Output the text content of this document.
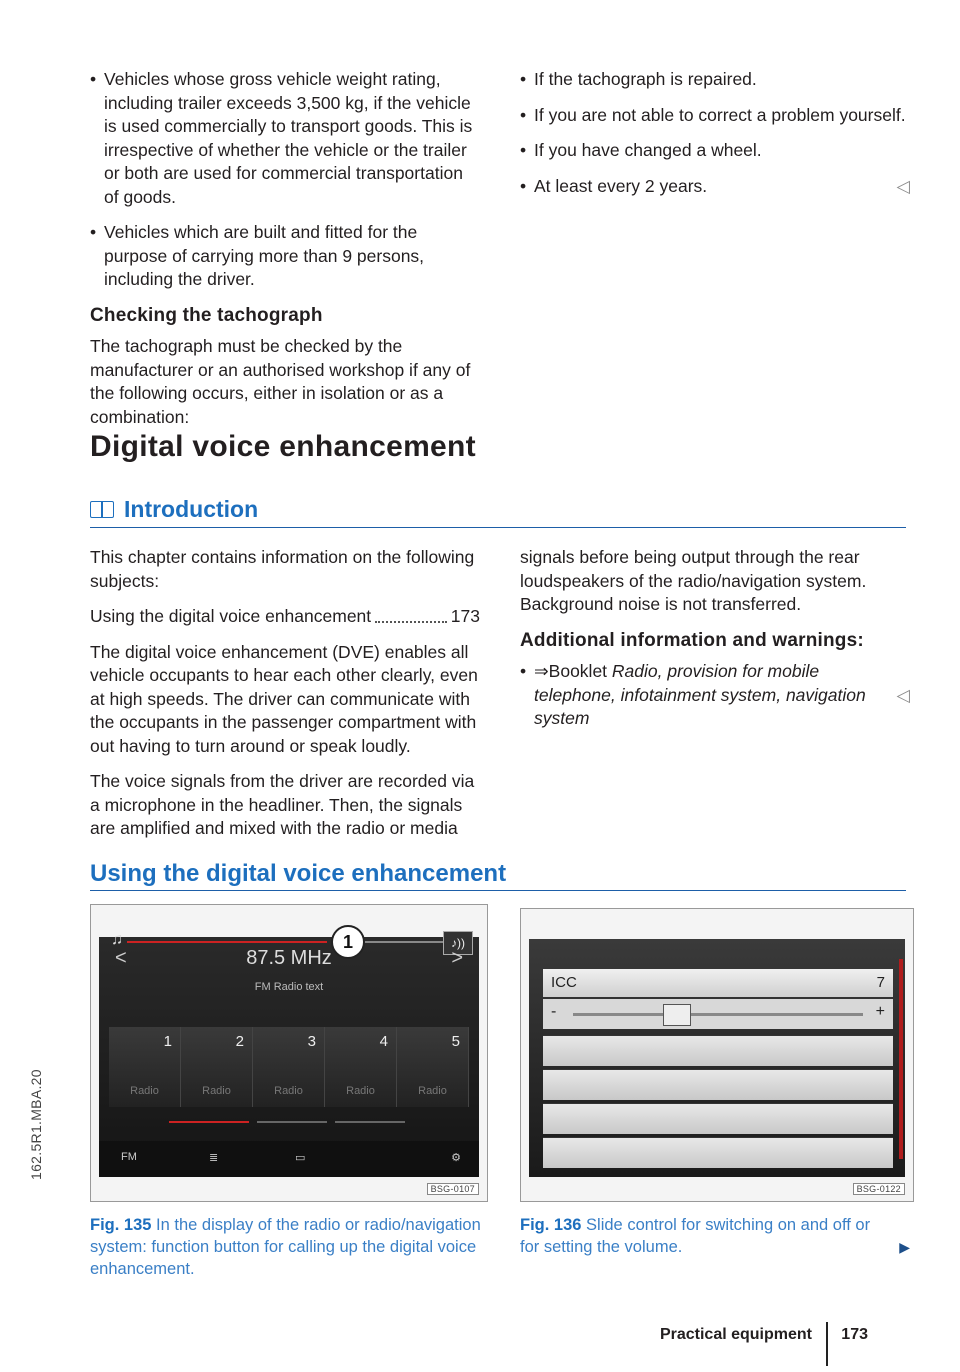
162.5R1.MBA.20
• Vehicles whose gross vehicle weight rating, including trailer exceeds 3,500 kg, if the vehicle is used commercially to transport goods. This is irrespective of whether the vehicle or the trailer or both are used for commercial transportation of goods.
• Vehicles which are built and fitted for the purpose of carrying more than 9 persons, including the driver.
Checking the tachograph

The tachograph must be checked by the manufacturer or an authorised workshop if any of the following occurs, either in isolation or as a combination:

• If the tachograph is repaired.
• If you are not able to correct a problem yourself.
• If you have changed a wheel.
• At least every 2 years.	◁
Digital voice enhancement
Introduction

This chapter contains information on the following subjects:

Using the digital voice enhancement	173

The digital voice enhancement (DVE) enables all vehicle occupants to hear each other clearly, even at high speeds. The driver can communicate with the occupants in the passenger compartment with out having to turn around or speak loudly.

The voice signals from the driver are recorded via a microphone in the headliner. Then, the signals are amplified and mixed with the radio or media

signals before being output through the rear loudspeakers of the radio/navigation system. Background noise is not transferred.

Additional information and warnings:
• ⇒Booklet Radio, provision for mobile telephone, infotainment system, navigation system
◁
Using the digital voice enhancement
♫	1	♪))
<	>
87.5 MHz
FM Radio text
1
Radio
2
Radio
3
Radio
4
Radio
5
Radio
FM	≣	▭	⚙
BSG-0107
ICC	7
-	+
BSG-0122
Fig. 135 In the display of the radio or radio/navigation system: function button for calling up the digital voice enhancement.
Fig. 136 Slide control for switching on and off or for setting the volume.	▶
Practical equipment 173
